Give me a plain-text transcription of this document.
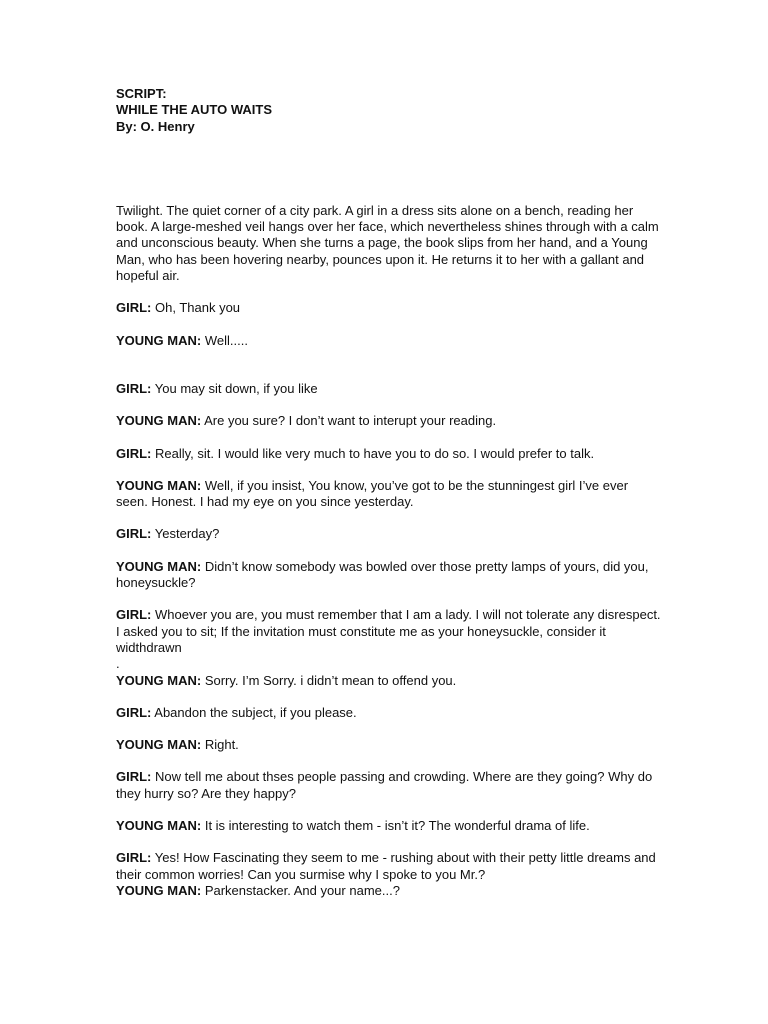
SCRIPT:
WHILE THE AUTO WAITS
By: O. Henry

Twilight. The quiet corner of a city park. A girl in a dress sits alone on a bench, reading her book. A large-meshed veil hangs over her face, which nevertheless shines through with a calm and unconscious beauty. When she turns a page, the book slips from her hand, and a Young Man, who has been hovering nearby, pounces upon it. He returns it to her with a gallant and hopeful air.

GIRL: Oh, Thank you

YOUNG MAN: Well.....

GIRL: You may sit down, if you like

YOUNG MAN: Are you sure? I don’t want to interupt your reading.

GIRL: Really, sit. I would like very much to have you to do so. I would prefer to talk.

YOUNG MAN: Well, if you insist, You know, you’ve got to be the stunningest girl I’ve ever seen. Honest. I had my eye on you since yesterday.

GIRL: Yesterday?

YOUNG MAN: Didn’t know somebody was bowled over those pretty lamps of yours, did you, honeysuckle?

GIRL: Whoever you are, you must remember that I am a lady. I will not tolerate any disrespect. I asked you to sit; If the invitation must constitute me as your honeysuckle, consider it widthdrawn

.

YOUNG MAN: Sorry. I’m Sorry. i didn’t mean to offend you.

GIRL: Abandon the subject, if you please.

YOUNG MAN: Right.

GIRL: Now tell me about thses people passing and crowding. Where are they going? Why do they hurry so? Are they happy?

YOUNG MAN: It is interesting to watch them - isn’t it? The wonderful drama of life.

GIRL: Yes! How Fascinating they seem to me - rushing about with their petty little dreams and their common worries! Can you surmise why I spoke to you Mr.?

YOUNG MAN: Parkenstacker. And your name...?
